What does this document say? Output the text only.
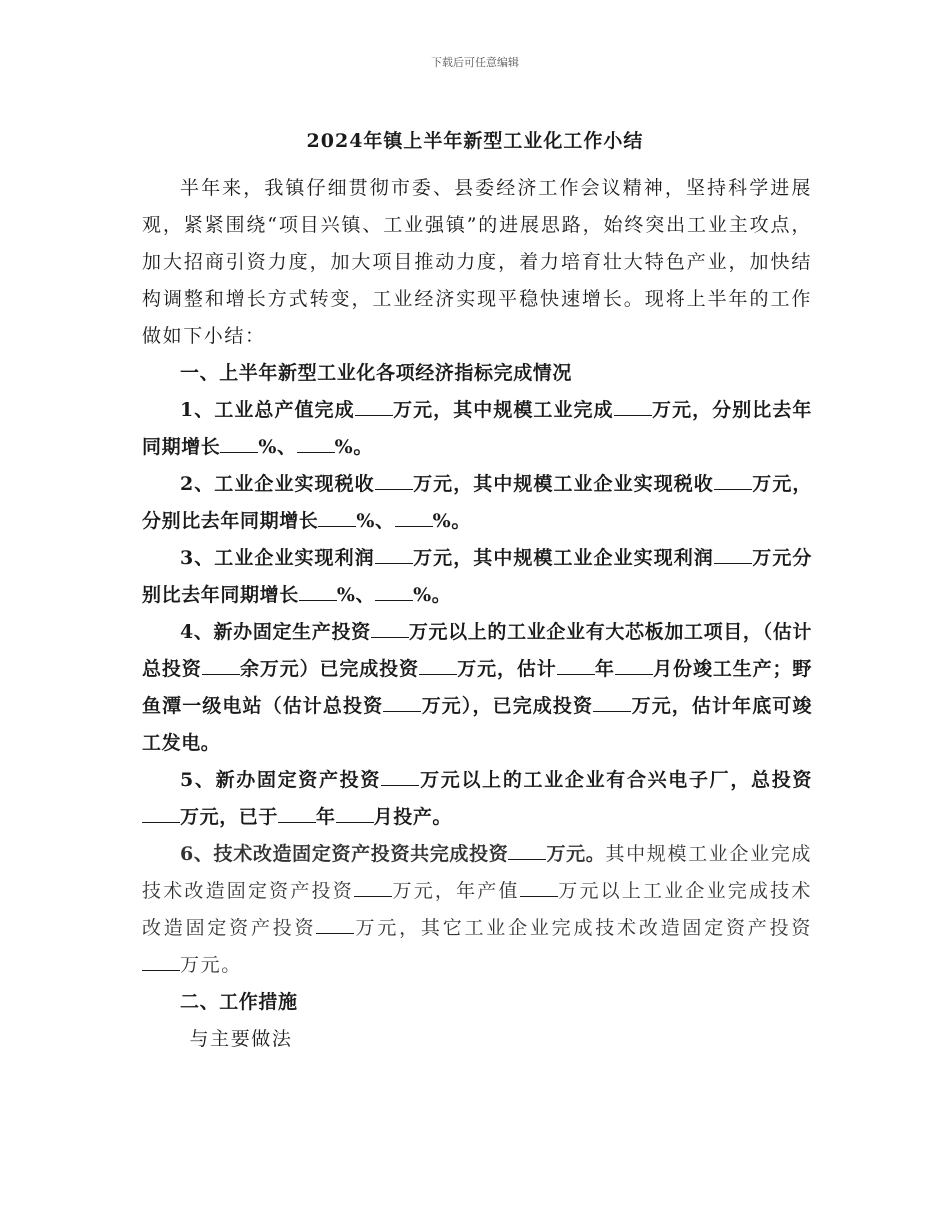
下载后可任意编辑
2024年镇上半年新型工业化工作小结

半年来，我镇仔细贯彻市委、县委经济工作会议精神，坚持科学进展观，紧紧围绕“项目兴镇、工业强镇”的进展思路，始终突出工业主攻点，加大招商引资力度，加大项目推动力度，着力培育壮大特色产业，加快结构调整和增长方式转变，工业经济实现平稳快速增长。现将上半年的工作做如下小结：

一、上半年新型工业化各项经济指标完成情况

1、工业总产值完成 万元，其中规模工业完成 万元，分别比去年同期增长 %、 %。

2、工业企业实现税收 万元，其中规模工业企业实现税收 万元，分别比去年同期增长 %、 %。

3、工业企业实现利润 万元，其中规模工业企业实现利润 万元分别比去年同期增长 %、 %。

4、新办固定生产投资 万元以上的工业企业有大芯板加工项目，（估计总投资 余万元）已完成投资 万元，估计 年 月份竣工生产；野鱼潭一级电站（估计总投资 万元），已完成投资 万元，估计年底可竣工发电。

5、新办固定资产投资 万元以上的工业企业有合兴电子厂，总投资万元，已于 年 月投产。

6、技术改造固定资产投资共完成投资 万元。其中规模工业企业完成技术改造固定资产投资 万元，年产值 万元以上工业企业完成技术改造固定资产投资 万元，其它工业企业完成技术改造固定资产投资万元。

二、工作措施

与主要做法
